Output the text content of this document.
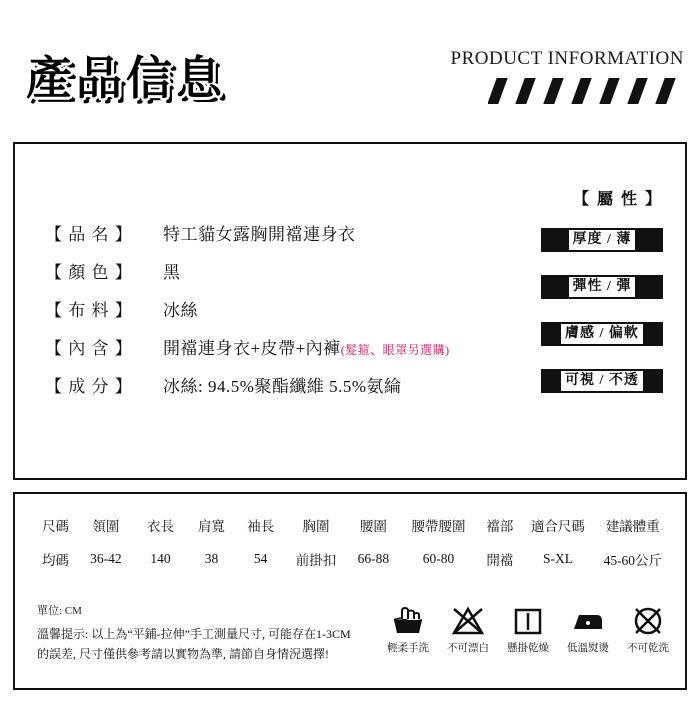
產品信息	PRODUCT INFORMATION
【 屬 性 】
厚度 / 薄
彈性 / 彈
膚感 / 偏軟
可視 / 不透
【 品 名 】	特工貓女露胸開襠連身衣
【 顏 色 】	黑
【 布 料 】	冰絲
【 內 含 】	開襠連身衣+皮帶+內褲 (髮箍、眼罩另選購)
【 成 分 】	冰絲: 94.5%聚酯纖維 5.5%氨綸
尺碼	領圍	衣長	肩寬	袖長	胸圍	腰圍	腰帶腰圍	襠部	適合尺碼	建議體重
均碼	36-42	140	38	54	前掛扣	66-88	60-80	開襠	S-XL	45-60公斤
單位: CM
溫馨提示: 以上為“平鋪-拉伸”手工測量尺寸, 可能存在1-3CM
的誤差, 尺寸僅供參考請以實物為準, 請節自身情況選擇!	輕柔手洗 不可漂白 懸掛乾燥 低溫熨燙 不可乾洗
